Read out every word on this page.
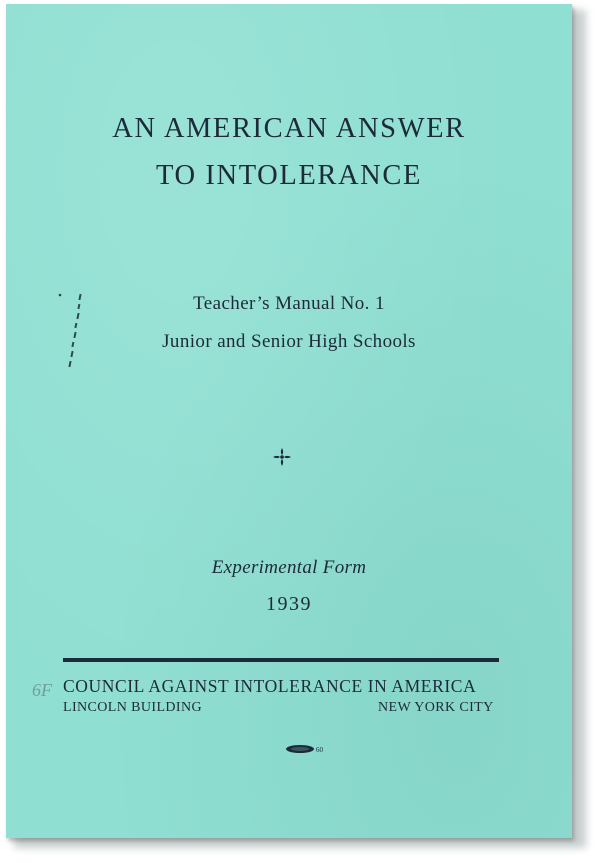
AN AMERICAN ANSWER
TO INTOLERANCE
Teacher’s Manual No. 1
Junior and Senior High Schools
Experimental Form
1939
6F COUNCIL AGAINST INTOLERANCE IN AMERICA
LINCOLN BUILDING	NEW YORK CITY
60
